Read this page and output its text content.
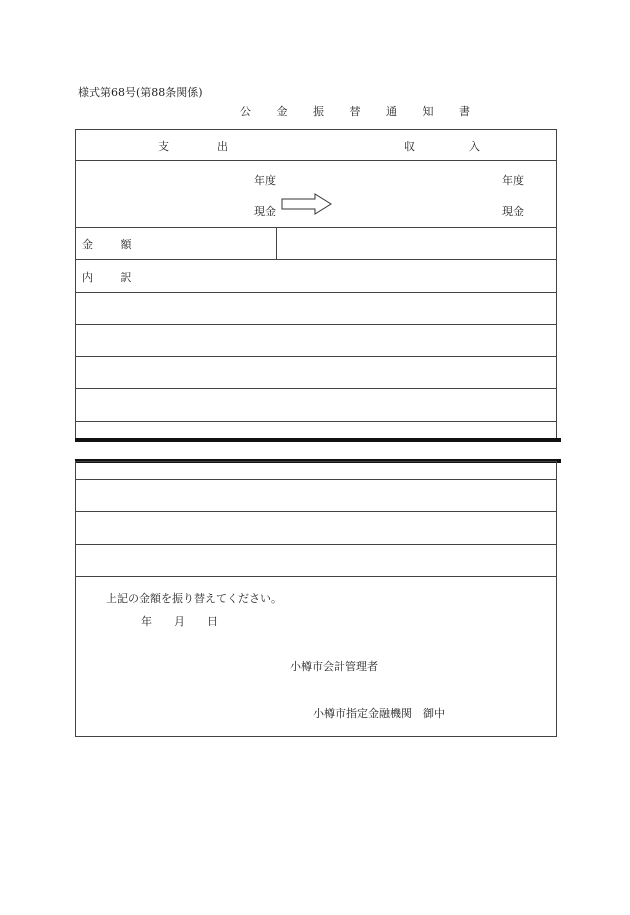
様式第68号(第88条関係)
公 金 振 替 通 知 書
支出	収入
年度
現金
年度
現金
金 額
内 訳
上記の金額を振り替えてください。
年　　月　　日
小樽市会計管理者
小樽市指定金融機関　御中
